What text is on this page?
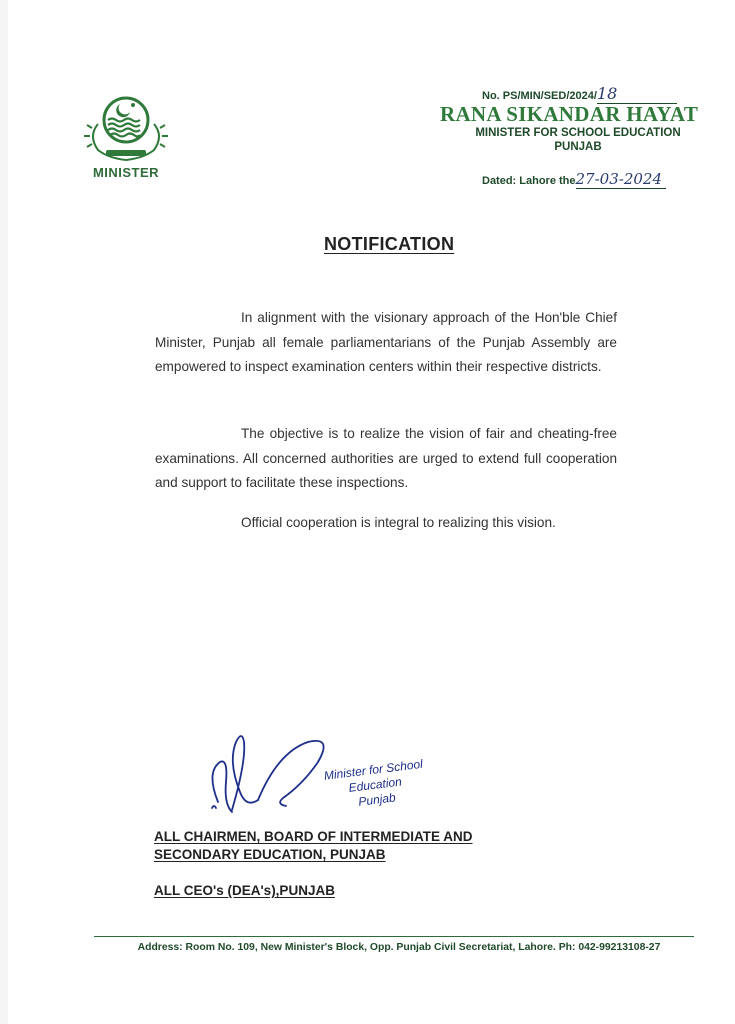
MINISTER
No. PS/MIN/SED/2024/18
RANA SIKANDAR HAYAT
MINISTER FOR SCHOOL EDUCATION
PUNJAB
Dated: Lahore the27-03-2024
NOTIFICATION

In alignment with the visionary approach of the Hon'ble Chief Minister, Punjab all female parliamentarians of the Punjab Assembly are empowered to inspect examination centers within their respective districts.

The objective is to realize the vision of fair and cheating-free examinations. All concerned authorities are urged to extend full cooperation and support to facilitate these inspections.

Official cooperation is integral to realizing this vision.

Minister for School Education
Punjab
ALL CHAIRMEN, BOARD OF INTERMEDIATE AND
SECONDARY EDUCATION, PUNJAB
ALL CEO's (DEA's),PUNJAB
Address: Room No. 109, New Minister's Block, Opp. Punjab Civil Secretariat, Lahore. Ph: 042-99213108-27
